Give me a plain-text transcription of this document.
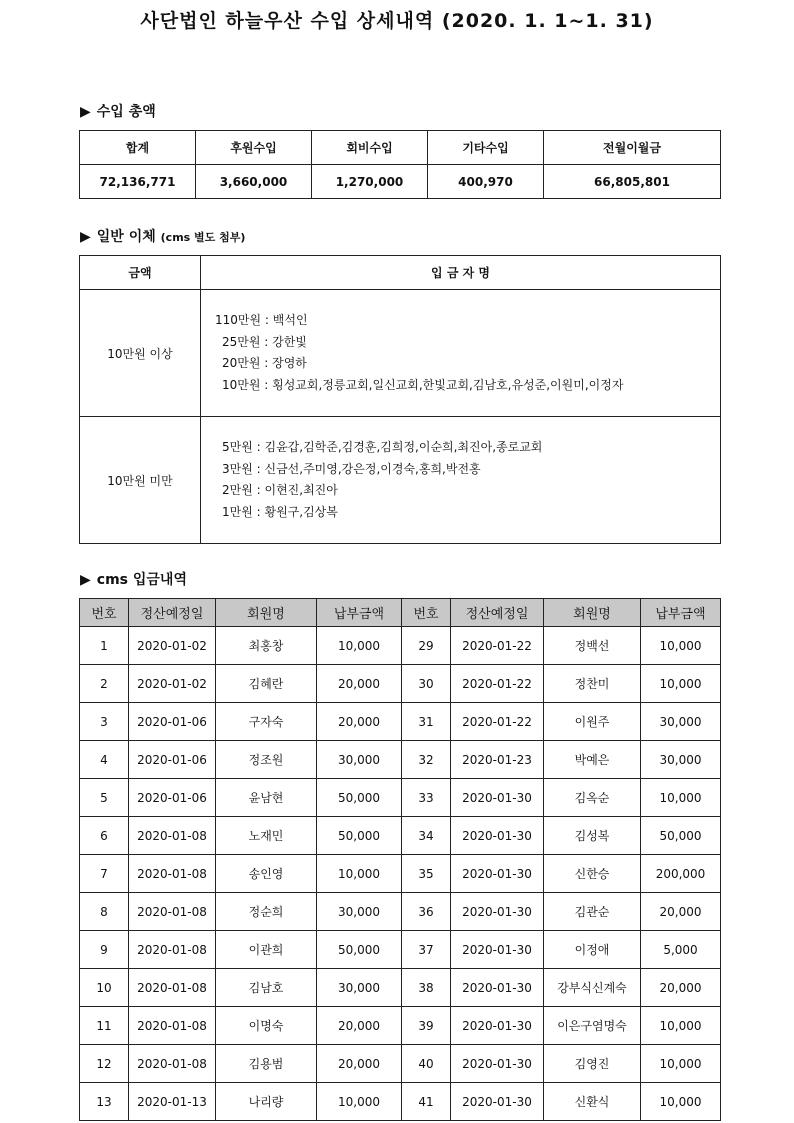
사단법인 하늘우산 수입 상세내역 (2020. 1. 1~1. 31)
▶ 수입 총액
합계	후원수입	회비수입	기타수입	전월이월금
72,136,771	3,660,000	1,270,000	400,970	66,805,801
▶ 일반 이체 (cms 별도 첨부)
금액	입 금 자 명
10만원 이상	110만원 : 백석인
25만원 : 강한빛
20만원 : 장영하
10만원 : 횡성교회,정릉교회,일신교회,한빛교회,김남호,유성준,이원미,이정자

10만원 미만	5만원 : 김윤갑,김학준,김경훈,김희정,이순희,최진아,종로교회
3만원 : 신금선,주미영,강은정,이경숙,홍희,박전홍
2만원 : 이현진,최진아
1만원 : 황원구,김상복
▶ cms 입금내역
번호	정산예정일	회원명	납부금액	번호	정산예정일	회원명	납부금액
1	2020-01-02	최홍창	10,000	29	2020-01-22	정백선	10,000
2	2020-01-02	김혜란	20,000	30	2020-01-22	정찬미	10,000
3	2020-01-06	구자숙	20,000	31	2020-01-22	이원주	30,000
4	2020-01-06	정조원	30,000	32	2020-01-23	박예은	30,000
5	2020-01-06	윤남현	50,000	33	2020-01-30	김옥순	10,000
6	2020-01-08	노재민	50,000	34	2020-01-30	김성복	50,000
7	2020-01-08	송인영	10,000	35	2020-01-30	신한승	200,000
8	2020-01-08	정순희	30,000	36	2020-01-30	김관순	20,000
9	2020-01-08	이관희	50,000	37	2020-01-30	이정애	5,000
10	2020-01-08	김남호	30,000	38	2020-01-30	강부식신계숙	20,000
11	2020-01-08	이명숙	20,000	39	2020-01-30	이은구염명숙	10,000
12	2020-01-08	김용범	20,000	40	2020-01-30	김영진	10,000
13	2020-01-13	나리량	10,000	41	2020-01-30	신환식	10,000
